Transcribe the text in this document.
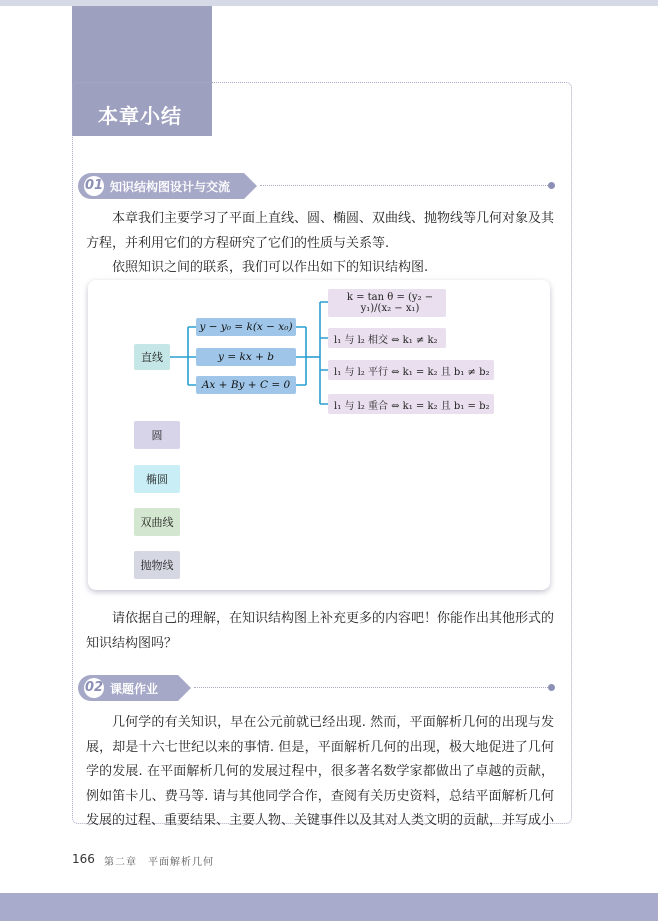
本章小结
01 知识结构图设计与交流

本章我们主要学习了平面上直线、圆、椭圆、双曲线、抛物线等几何对象及其方程，并利用它们的方程研究了它们的性质与关系等.

依照知识之间的联系，我们可以作出如下的知识结构图.

直线
y − y₀ = k(x − x₀)
y = kx + b
Ax + By + C = 0
k = tan θ = (y₂ − y₁)/(x₂ − x₁)
l₁ 与 l₂ 相交 ⇔ k₁ ≠ k₂
l₁ 与 l₂ 平行 ⇔ k₁ = k₂ 且 b₁ ≠ b₂
l₁ 与 l₂ 重合 ⇔ k₁ = k₂ 且 b₁ = b₂
圆
椭圆
双曲线
抛物线

请依据自己的理解，在知识结构图上补充更多的内容吧！你能作出其他形式的知识结构图吗？

02 课题作业

几何学的有关知识，早在公元前就已经出现. 然而，平面解析几何的出现与发展，却是十六七世纪以来的事情. 但是，平面解析几何的出现，极大地促进了几何学的发展. 在平面解析几何的发展过程中，很多著名数学家都做出了卓越的贡献，例如笛卡儿、费马等. 请与其他同学合作，查阅有关历史资料，总结平面解析几何发展的过程、重要结果、主要人物、关键事件以及其对人类文明的贡献，并写成小

166 第二章　平面解析几何
